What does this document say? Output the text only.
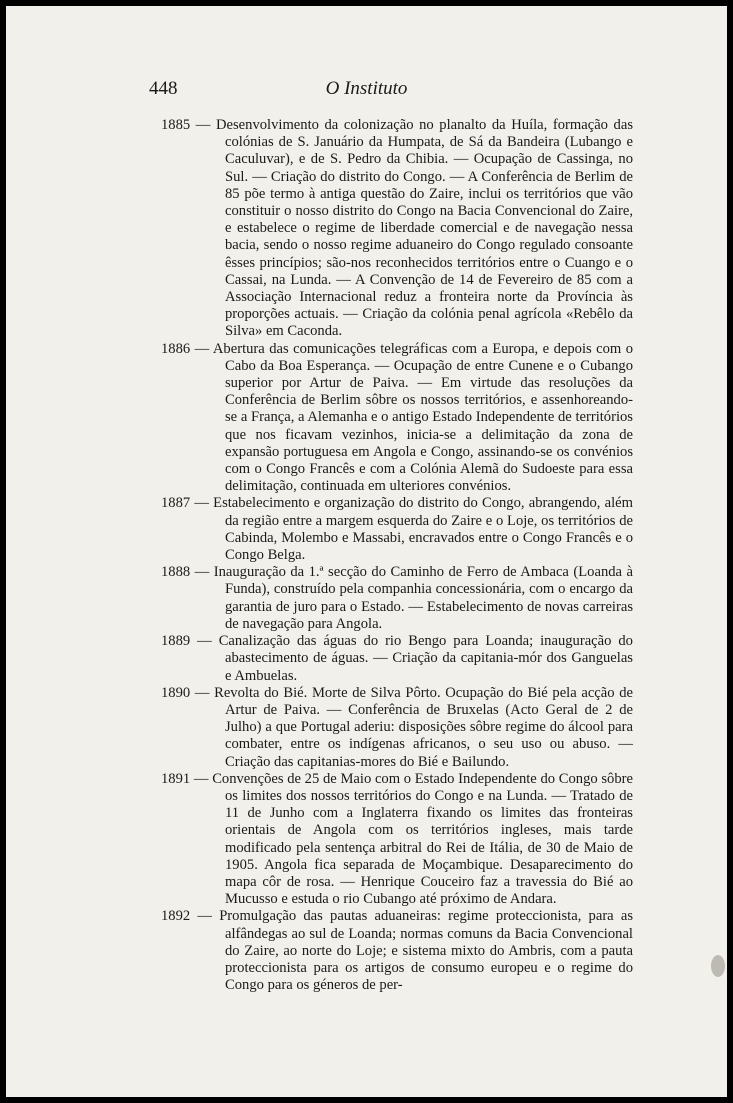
O Instituto
448

1885 — Desenvolvimento da colonização no planalto da Huíla, formação das colónias de S. Januário da Humpata, de Sá da Bandeira (Lubango e Caculuvar), e de S. Pedro da Chibia. — Ocupação de Cassinga, no Sul. — Criação do distrito do Congo. — A Conferência de Berlim de 85 põe termo à antiga questão do Zaire, inclui os territórios que vão constituir o nosso distrito do Congo na Bacia Convencional do Zaire, e estabelece o regime de liberdade comercial e de navegação nessa bacia, sendo o nosso regime aduaneiro do Congo regulado consoante êsses princípios; são-nos reconhecidos territórios entre o Cuango e o Cassai, na Lunda. — A Convenção de 14 de Fevereiro de 85 com a Associação Internacional reduz a fronteira norte da Província às proporções actuais. — Criação da colónia penal agrícola «Rebêlo da Silva» em Caconda.

1886 — Abertura das comunicações telegráficas com a Europa, e depois com o Cabo da Boa Esperança. — Ocupação de entre Cunene e o Cubango superior por Artur de Paiva. — Em virtude das resoluções da Conferência de Berlim sôbre os nossos territórios, e assenhoreando-se a França, a Alemanha e o antigo Estado Independente de territórios que nos ficavam vezinhos, inicia-se a delimitação da zona de expansão portuguesa em Angola e Congo, assinando-se os convénios com o Congo Francês e com a Colónia Alemã do Sudoeste para essa delimitação, continuada em ulteriores convénios.

1887 — Estabelecimento e organização do distrito do Congo, abrangendo, além da região entre a margem esquerda do Zaire e o Loje, os territórios de Cabinda, Molembo e Massabi, encravados entre o Congo Francês e o Congo Belga.

1888 — Inauguração da 1.ª secção do Caminho de Ferro de Ambaca (Loanda à Funda), construído pela companhia concessionária, com o encargo da garantia de juro para o Estado. — Estabelecimento de novas carreiras de navegação para Angola.

1889 — Canalização das águas do rio Bengo para Loanda; inauguração do abastecimento de águas. — Criação da capitania-mór dos Ganguelas e Ambuelas.

1890 — Revolta do Bié. Morte de Silva Pôrto. Ocupação do Bié pela acção de Artur de Paiva. — Conferência de Bruxelas (Acto Geral de 2 de Julho) a que Portugal aderiu: disposições sôbre regime do álcool para combater, entre os indígenas africanos, o seu uso ou abuso. — Criação das capitanias-mores do Bié e Bailundo.

1891 — Convenções de 25 de Maio com o Estado Independente do Congo sôbre os limites dos nossos territórios do Congo e na Lunda. — Tratado de 11 de Junho com a Inglaterra fixando os limites das fronteiras orientais de Angola com os territórios ingleses, mais tarde modificado pela sentença arbitral do Rei de Itália, de 30 de Maio de 1905. Angola fica separada de Moçambique. Desaparecimento do mapa côr de rosa. — Henrique Couceiro faz a travessia do Bié ao Mucusso e estuda o rio Cubango até próximo de Andara.

1892 — Promulgação das pautas aduaneiras: regime proteccionista, para as alfândegas ao sul de Loanda; normas comuns da Bacia Convencional do Zaire, ao norte do Loje; e sistema mixto do Ambris, com a pauta proteccionista para os artigos de consumo europeu e o regime do Congo para os géneros de per-
